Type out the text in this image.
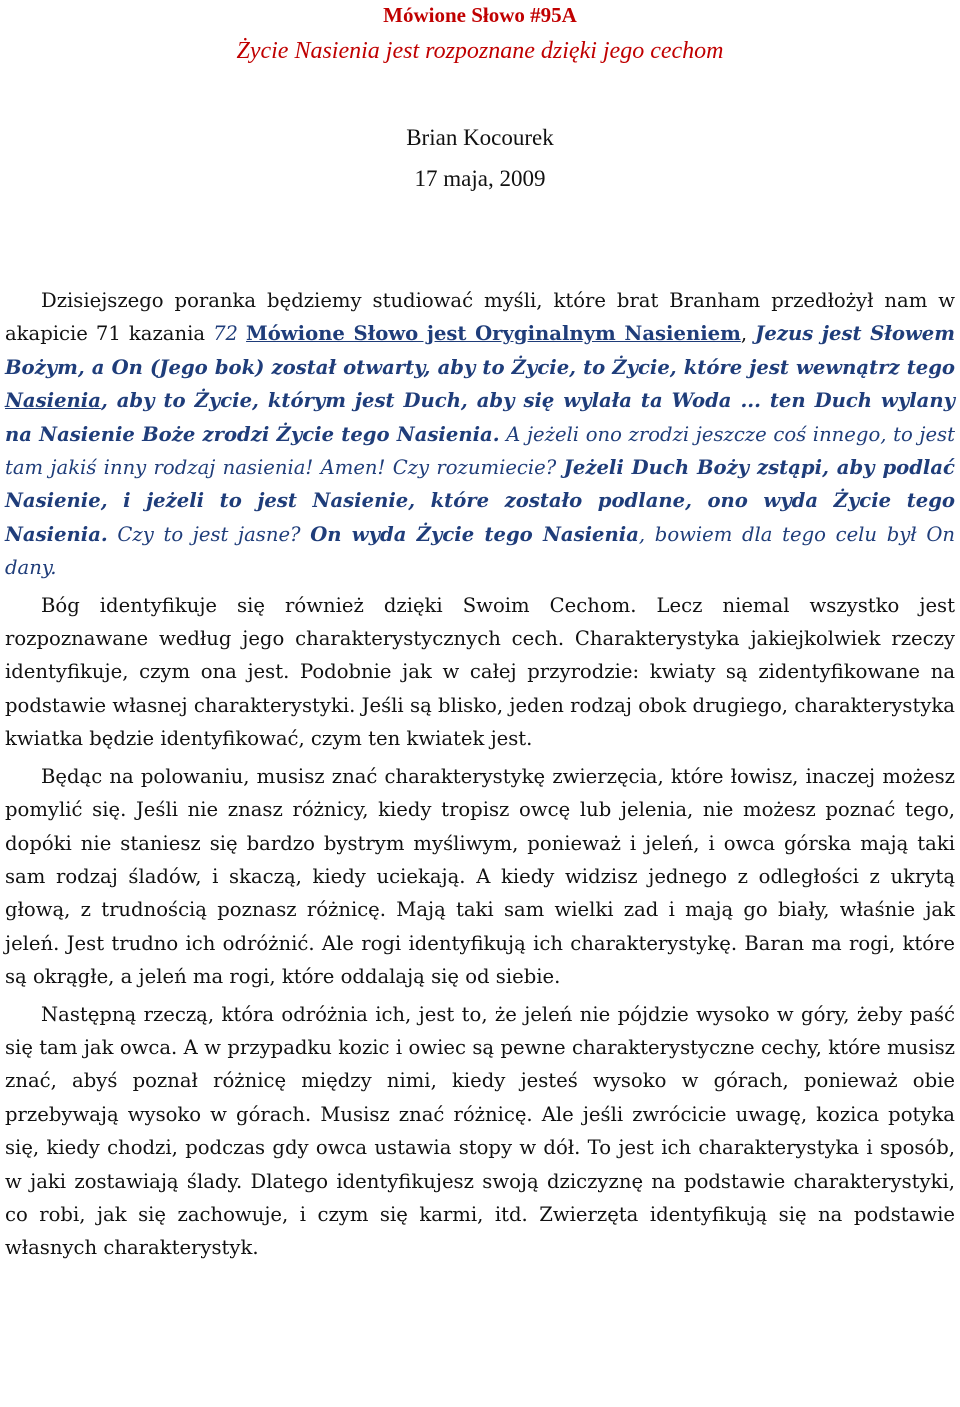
Mówione Słowo #95A
Życie Nasienia jest rozpoznane dzięki jego cechom
Brian Kocourek
17 maja, 2009

Dzisiejszego poranka będziemy studiować myśli, które brat Branham przedłożył nam w akapicie 71 kazania 72 Mówione Słowo jest Oryginalnym Nasieniem, Jezus jest Słowem Bożym, a On (Jego bok) został otwarty, aby to Życie, to Życie, które jest wewnątrz tego Nasienia, aby to Życie, którym jest Duch, aby się wylała ta Woda ... ten Duch wylany na Nasienie Boże zrodzi Życie tego Nasienia. A jeżeli ono zrodzi jeszcze coś innego, to jest tam jakiś inny rodzaj nasienia! Amen! Czy rozumiecie? Jeżeli Duch Boży zstąpi, aby podlać Nasienie, i jeżeli to jest Nasienie, które zostało podlane, ono wyda Życie tego Nasienia. Czy to jest jasne? On wyda Życie tego Nasienia, bowiem dla tego celu był On dany.

Bóg identyfikuje się również dzięki Swoim Cechom. Lecz niemal wszystko jest rozpoznawane według jego charakterystycznych cech. Charakterystyka jakiejkolwiek rzeczy identyfikuje, czym ona jest. Podobnie jak w całej przyrodzie: kwiaty są zidentyfikowane na podstawie własnej charakterystyki. Jeśli są blisko, jeden rodzaj obok drugiego, charakterystyka kwiatka będzie identyfikować, czym ten kwiatek jest.

Będąc na polowaniu, musisz znać charakterystykę zwierzęcia, które łowisz, inaczej możesz pomylić się. Jeśli nie znasz różnicy, kiedy tropisz owcę lub jelenia, nie możesz poznać tego, dopóki nie staniesz się bardzo bystrym myśliwym, ponieważ i jeleń, i owca górska mają taki sam rodzaj śladów, i skaczą, kiedy uciekają. A kiedy widzisz jednego z odległości z ukrytą głową, z trudnością poznasz różnicę. Mają taki sam wielki zad i mają go biały, właśnie jak jeleń. Jest trudno ich odróżnić. Ale rogi identyfikują ich charakterystykę. Baran ma rogi, które są okrągłe, a jeleń ma rogi, które oddalają się od siebie.

Następną rzeczą, która odróżnia ich, jest to, że jeleń nie pójdzie wysoko w góry, żeby paść się tam jak owca. A w przypadku kozic i owiec są pewne charakterystyczne cechy, które musisz znać, abyś poznał różnicę między nimi, kiedy jesteś wysoko w górach, ponieważ obie przebywają wysoko w górach. Musisz znać różnicę. Ale jeśli zwrócicie uwagę, kozica potyka się, kiedy chodzi, podczas gdy owca ustawia stopy w dół. To jest ich charakterystyka i sposób, w jaki zostawiają ślady. Dlatego identyfikujesz swoją dziczyznę na podstawie charakterystyki, co robi, jak się zachowuje, i czym się karmi, itd. Zwierzęta identyfikują się na podstawie własnych charakterystyk.
